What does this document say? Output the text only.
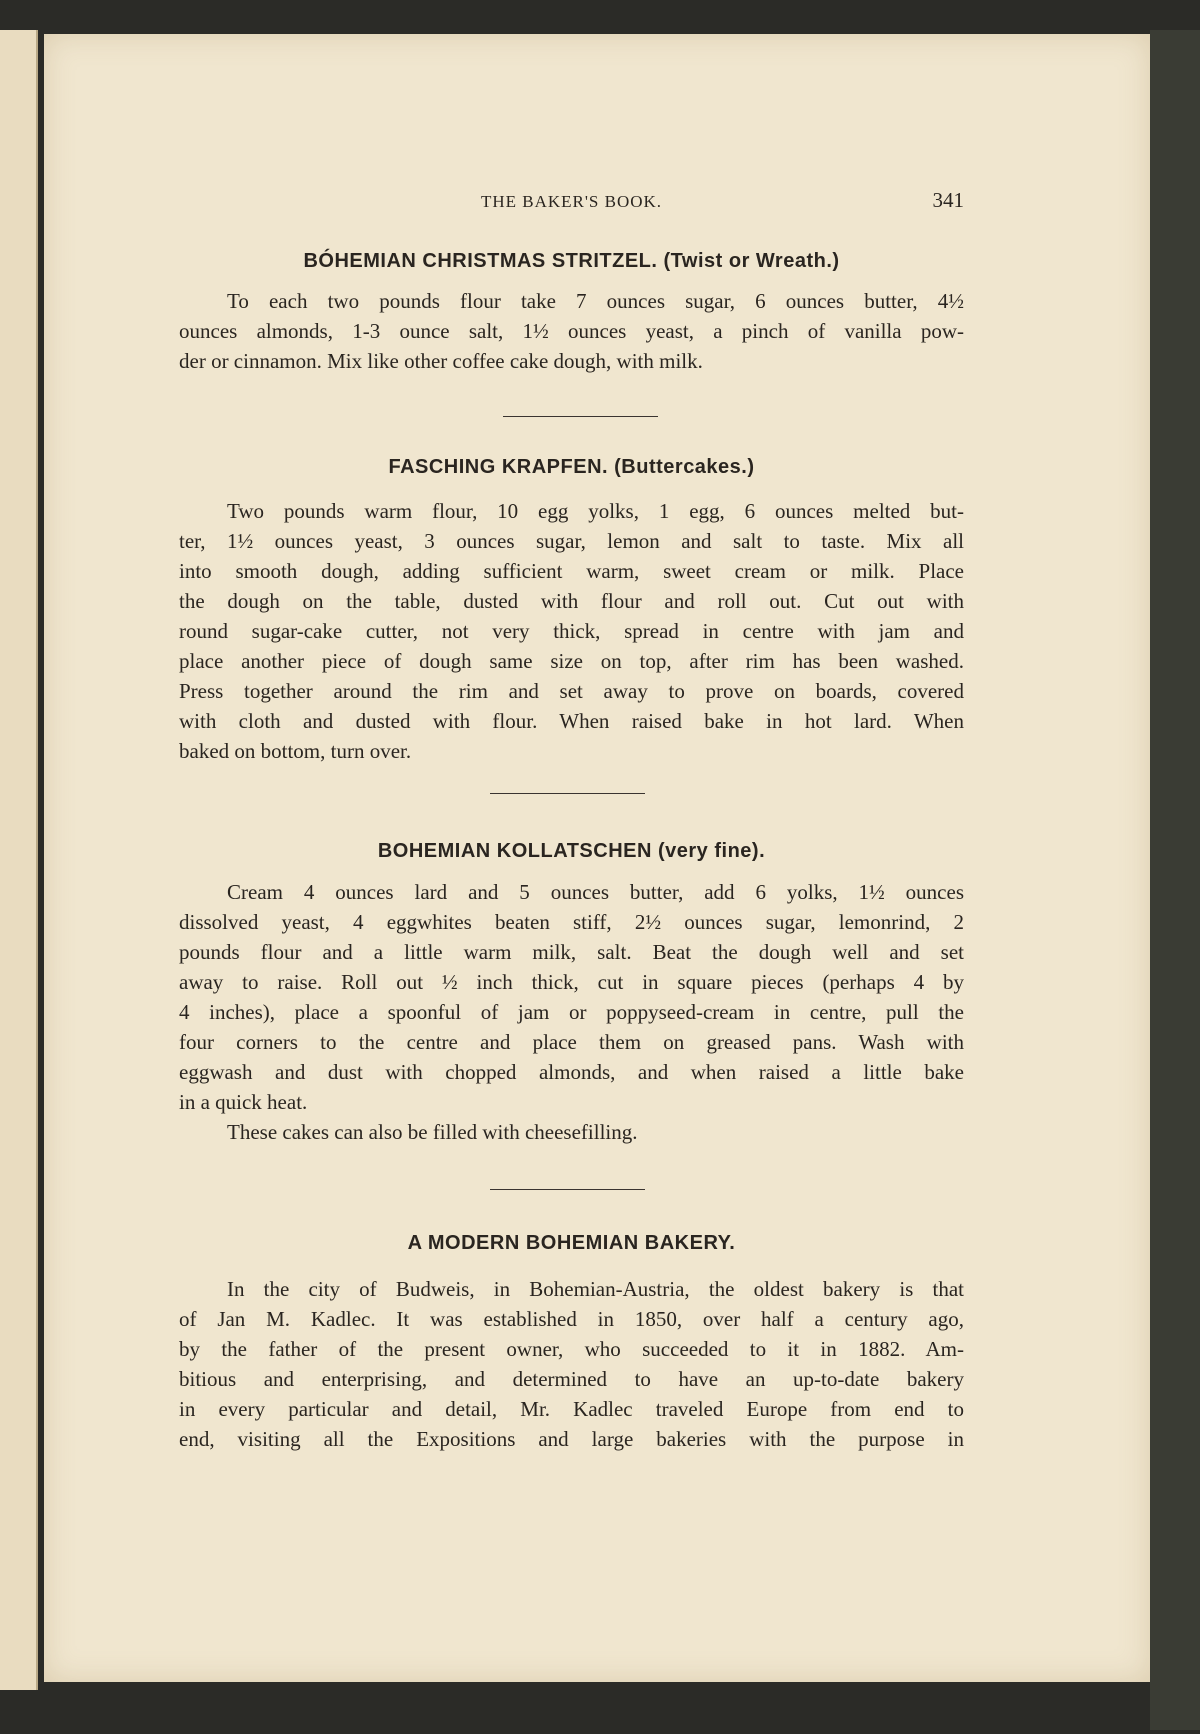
THE BAKER'S BOOK.	341
BÓHEMIAN CHRISTMAS STRITZEL. (Twist or Wreath.)
To each two pounds flour take 7 ounces sugar, 6 ounces butter, 4½
ounces almonds, 1-3 ounce salt, 1½ ounces yeast, a pinch of vanilla pow-
der or cinnamon. Mix like other coffee cake dough, with milk.
FASCHING KRAPFEN. (Buttercakes.)
Two pounds warm flour, 10 egg yolks, 1 egg, 6 ounces melted but-
ter, 1½ ounces yeast, 3 ounces sugar, lemon and salt to taste. Mix all
into smooth dough, adding sufficient warm, sweet cream or milk. Place
the dough on the table, dusted with flour and roll out. Cut out with
round sugar-cake cutter, not very thick, spread in centre with jam and
place another piece of dough same size on top, after rim has been washed.
Press together around the rim and set away to prove on boards, covered
with cloth and dusted with flour. When raised bake in hot lard. When
baked on bottom, turn over.
BOHEMIAN KOLLATSCHEN (very fine).
Cream 4 ounces lard and 5 ounces butter, add 6 yolks, 1½ ounces
dissolved yeast, 4 eggwhites beaten stiff, 2½ ounces sugar, lemonrind, 2
pounds flour and a little warm milk, salt. Beat the dough well and set
away to raise. Roll out ½ inch thick, cut in square pieces (perhaps 4 by
4 inches), place a spoonful of jam or poppyseed-cream in centre, pull the
four corners to the centre and place them on greased pans. Wash with
eggwash and dust with chopped almonds, and when raised a little bake
in a quick heat.
These cakes can also be filled with cheesefilling.
A MODERN BOHEMIAN BAKERY.
In the city of Budweis, in Bohemian-Austria, the oldest bakery is that
of Jan M. Kadlec. It was established in 1850, over half a century ago,
by the father of the present owner, who succeeded to it in 1882. Am-
bitious and enterprising, and determined to have an up-to-date bakery
in every particular and detail, Mr. Kadlec traveled Europe from end to
end, visiting all the Expositions and large bakeries with the purpose in
